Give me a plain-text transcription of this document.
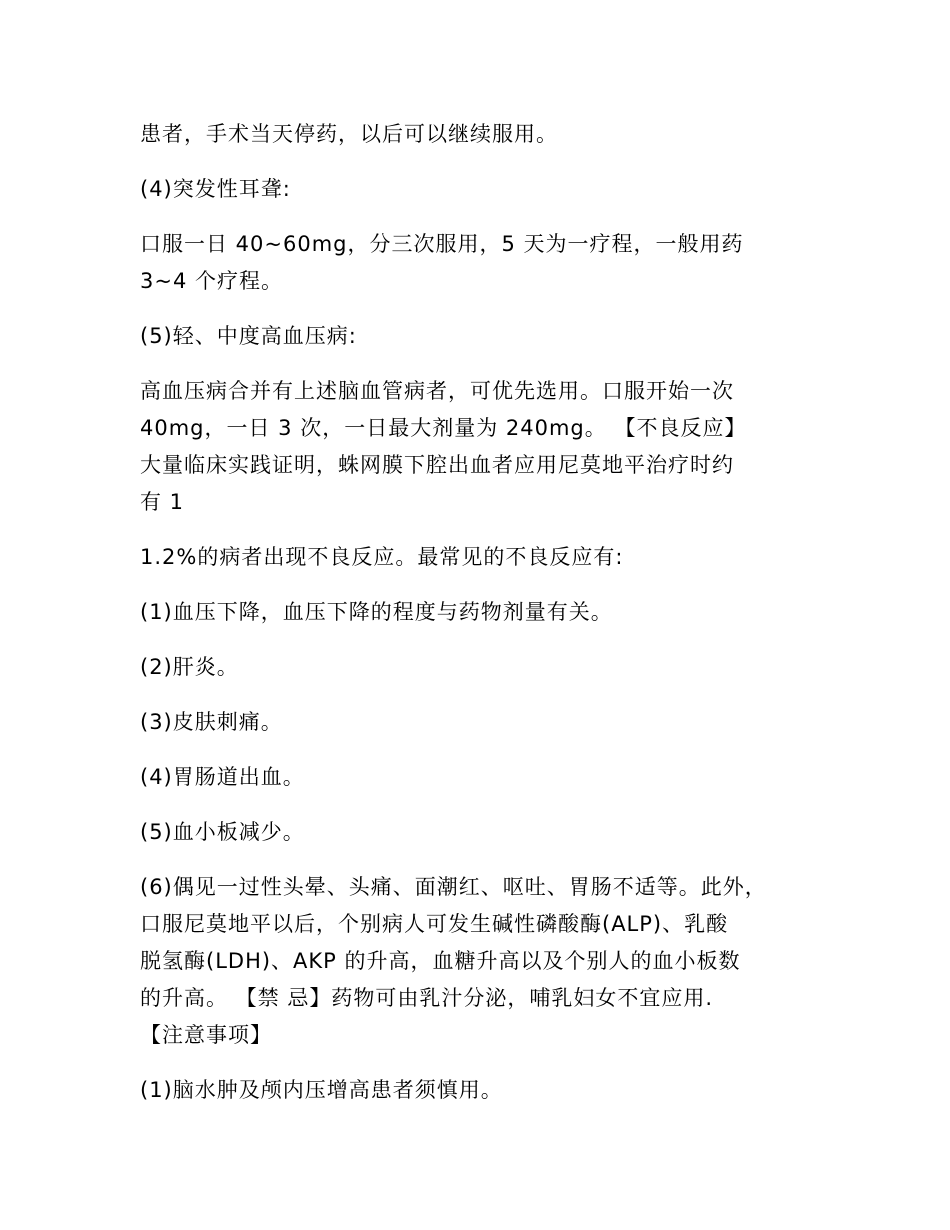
患者，手术当天停药，以后可以继续服用。

(4)突发性耳聋:

口服一日 40~60mg，分三次服用，5 天为一疗程，一般用药
3~4 个疗程。

(5)轻、中度高血压病:

高血压病合并有上述脑血管病者，可优先选用。口服开始一次
40mg，一日 3 次，一日最大剂量为 240mg。 【不良反应】
大量临床实践证明，蛛网膜下腔出血者应用尼莫地平治疗时约
有 1

1.2%的病者出现不良反应。最常见的不良反应有:

(1)血压下降，血压下降的程度与药物剂量有关。

(2)肝炎。

(3)皮肤刺痛。

(4)胃肠道出血。

(5)血小板减少。

(6)偶见一过性头晕、头痛、面潮红、呕吐、胃肠不适等。此外，
口服尼莫地平以后，个别病人可发生碱性磷酸酶(ALP)、乳酸
脱氢酶(LDH)、AKP 的升高，血糖升高以及个别人的血小板数
的升高。 【禁 忌】药物可由乳汁分泌，哺乳妇女不宜应用.
【注意事项】

(1)脑水肿及颅内压增高患者须慎用。
